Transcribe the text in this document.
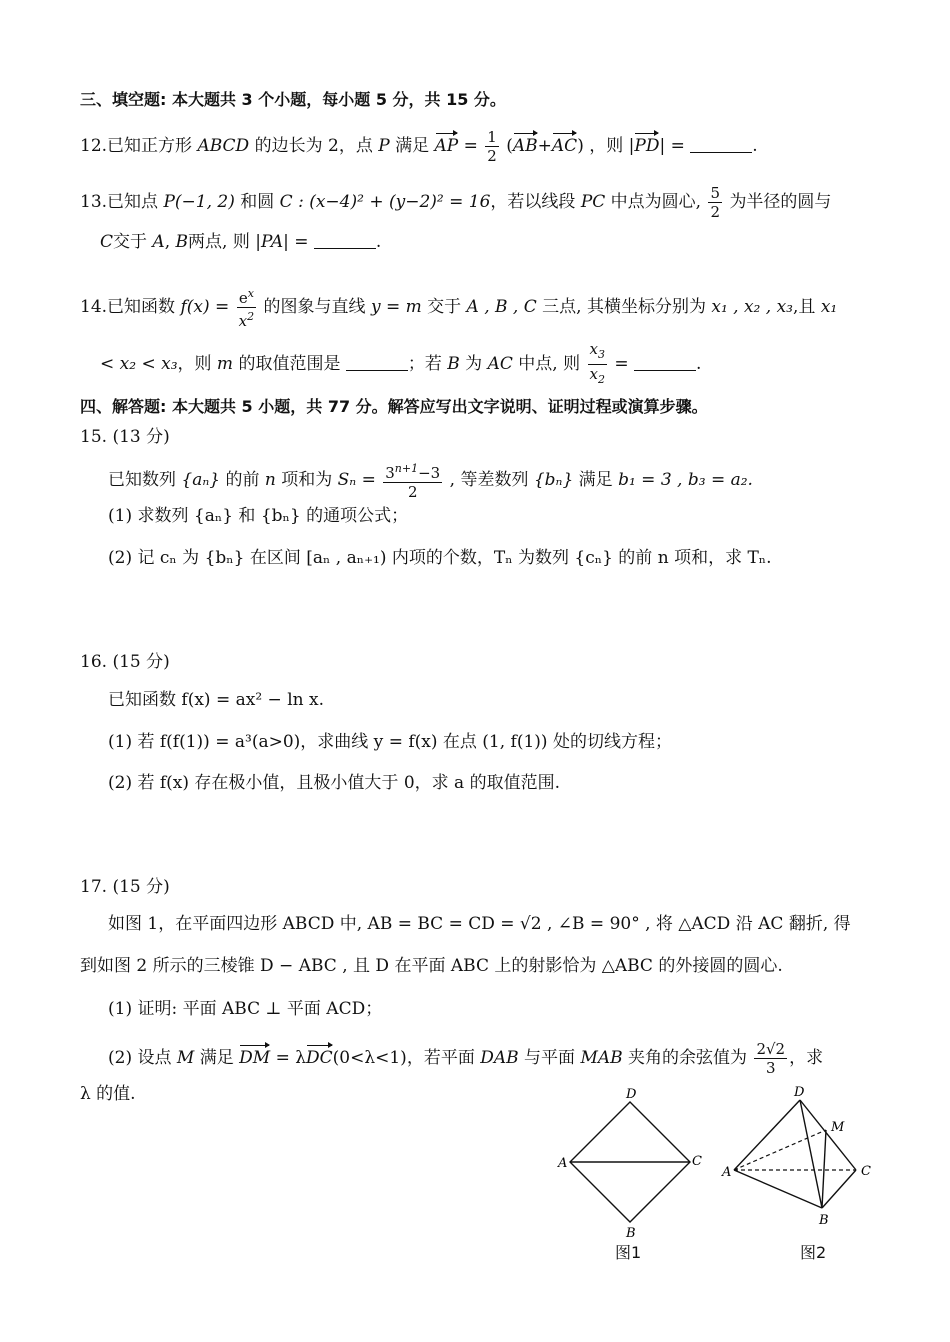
三、填空题: 本大题共 3 个小题，每小题 5 分，共 15 分。
12.已知正方形 ABCD 的边长为 2，点 P 满足 AP = $\frac{1}{2} (AB+AC)$ ，则 |PD| =	.
13.已知点 P(−1, 2) 和圆 C : (x−4)² + (y−2)² = 16，若以线段 PC 中点为圆心, $\frac{5}{2}$ 为半径的圆与
C交于 A, B两点, 则 |PA| =	.
14.已知函数 $f(x) = \frac{e^x}{x^2}$ 的图象与直线 y = m 交于 A , B , C 三点, 其横坐标分别为 x₁ , x₂ , x₃,且 x₁
< x₂ < x₃，则 m 的取值范围是	；若 B 为 AC 中点, 则 $\frac{x_3}{x_2}$ =	.
四、解答题: 本大题共 5 小题，共 77 分。解答应写出文字说明、证明过程或演算步骤。
15. (13 分)
已知数列 {aₙ} 的前 n 项和为 $S_n = \frac{3^{n+1}-3}{2}$ , 等差数列 {bₙ} 满足 b₁ = 3 , b₃ = a₂.
(1) 求数列 {aₙ} 和 {bₙ} 的通项公式；
(2) 记 cₙ 为 {bₙ} 在区间 [aₙ , aₙ₊₁) 内项的个数，Tₙ 为数列 {cₙ} 的前 n 项和，求 Tₙ.
16. (15 分)
已知函数 f(x) = ax² − ln x.
(1) 若 f(f(1)) = a³(a>0)，求曲线 y = f(x) 在点 (1, f(1)) 处的切线方程；
(2) 若 f(x) 存在极小值，且极小值大于 0，求 a 的取值范围.
17. (15 分)
如图 1，在平面四边形 ABCD 中, AB = BC = CD = √2 , ∠B = 90° , 将 △ACD 沿 AC 翻折, 得
到如图 2 所示的三棱锥 D − ABC , 且 D 在平面 ABC 上的射影恰为 △ABC 的外接圆的圆心.
(1) 证明: 平面 ABC ⊥ 平面 ACD；
(2) 设点 M 满足 DM = λDC(0<λ<1)，若平面 DAB 与平面 MAB 夹角的余弦值为 $\frac{2√2}{3}$ ，求
λ 的值.	D
A	C
B
图1
D
M
A	C
B
图2
